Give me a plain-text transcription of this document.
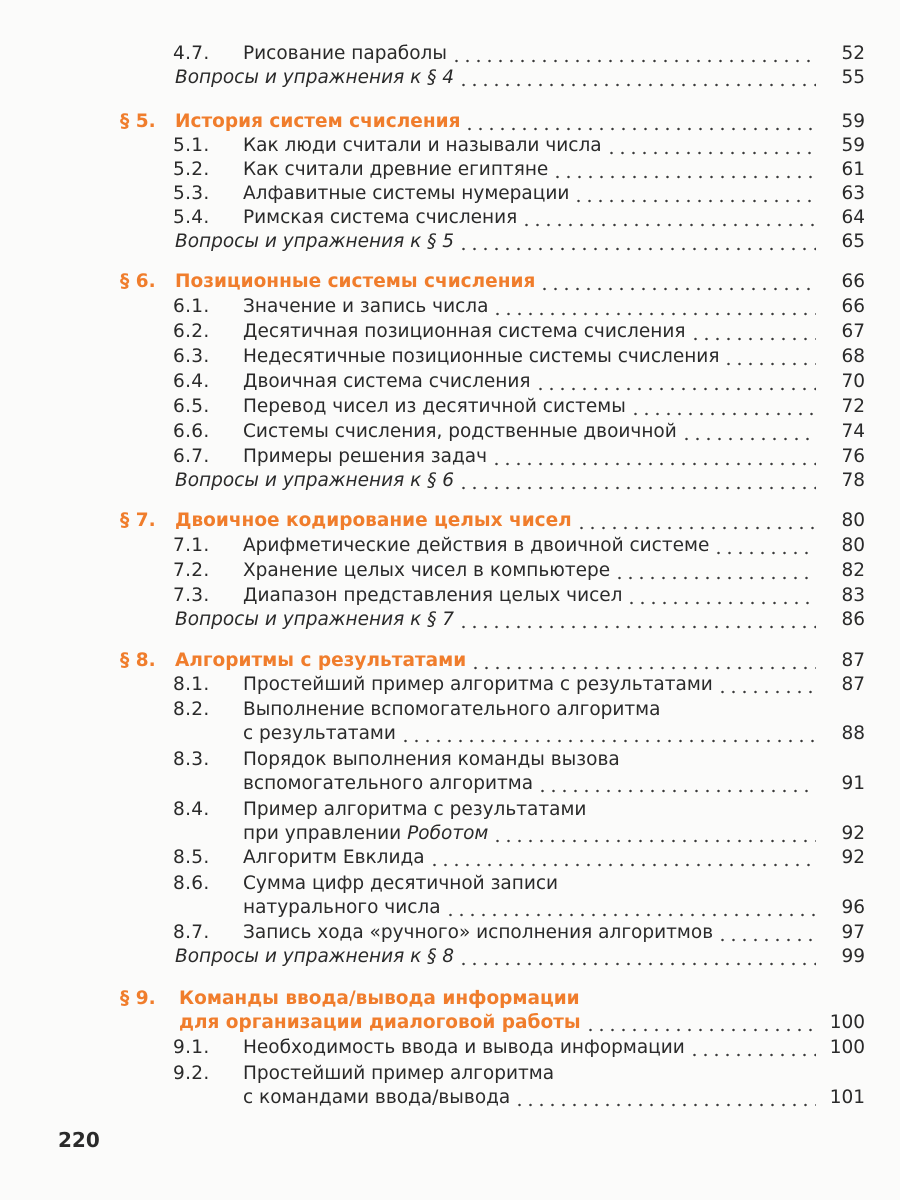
4.7. Рисование параболы	52
Вопросы и упражнения к § 4	55
§ 5. История систем счисления	59
5.1. Как люди считали и называли числа	59
5.2. Как считали древние египтяне	61
5.3. Алфавитные системы нумерации	63
5.4. Римская система счисления	64
Вопросы и упражнения к § 5	65
§ 6. Позиционные системы счисления	66
6.1. Значение и запись числа	66
6.2. Десятичная позиционная система счисления	67
6.3. Недесятичные позиционные системы счисления	68
6.4. Двоичная система счисления	70
6.5. Перевод чисел из десятичной системы	72
6.6. Системы счисления, родственные двоичной	74
6.7. Примеры решения задач	76
Вопросы и упражнения к § 6	78
§ 7. Двоичное кодирование целых чисел	80
7.1. Арифметические действия в двоичной системе	80
7.2. Хранение целых чисел в компьютере	82
7.3. Диапазон представления целых чисел	83
Вопросы и упражнения к § 7	86
§ 8. Алгоритмы с результатами	87
8.1. Простейший пример алгоритма с результатами	87
8.2. Выполнение вспомогательного алгоритма
с результатами	88
8.3. Порядок выполнения команды вызова
вспомогательного алгоритма	91
8.4. Пример алгоритма с результатами
при управлении Роботом	92
8.5. Алгоритм Евклида	92
8.6. Сумма цифр десятичной записи
натурального числа	96
8.7. Запись хода «ручного» исполнения алгоритмов	97
Вопросы и упражнения к § 8	99
§ 9. Команды ввода/вывода информации
для организации диалоговой работы	100
9.1. Необходимость ввода и вывода информации	100
9.2. Простейший пример алгоритма
с командами ввода/вывода	101
220
